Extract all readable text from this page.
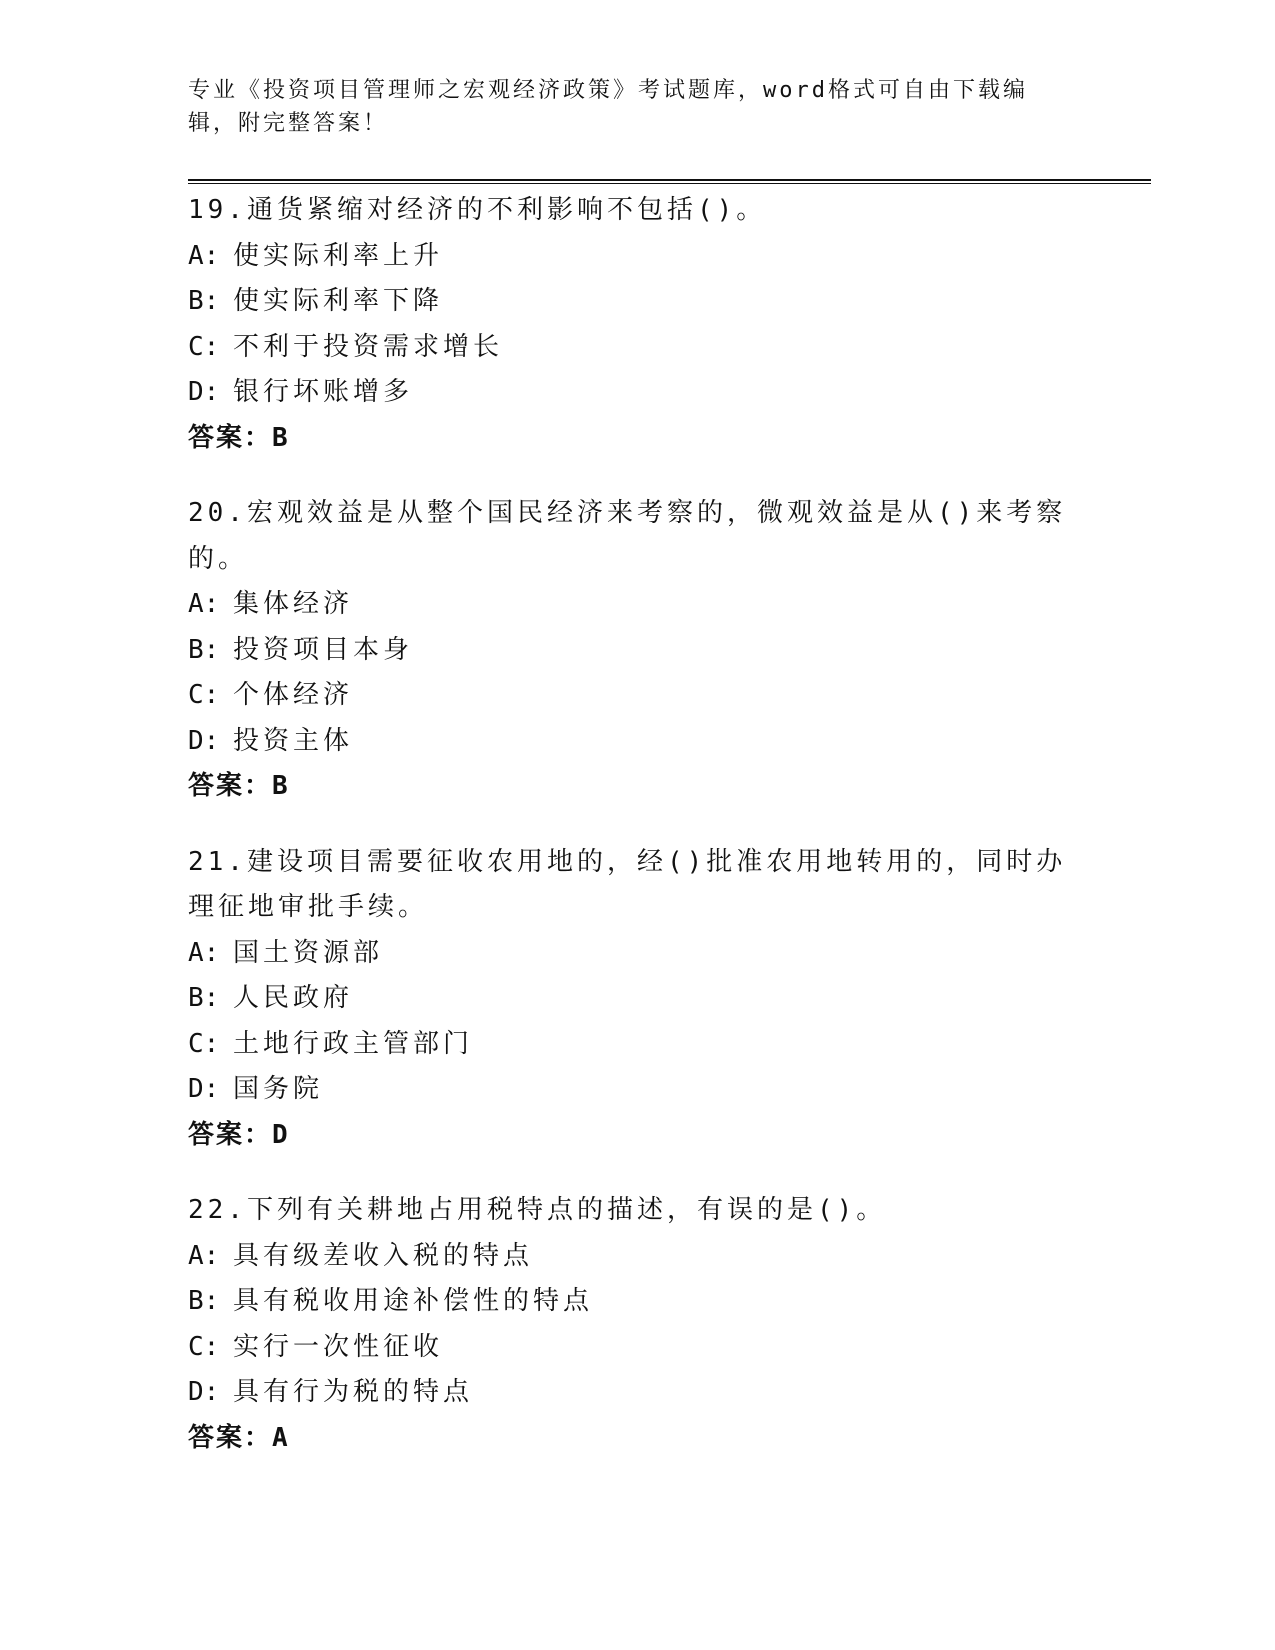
专业《投资项目管理师之宏观经济政策》考试题库，word格式可自由下载编辑，附完整答案！
19.通货紧缩对经济的不利影响不包括()。
A: 使实际利率上升
B: 使实际利率下降
C: 不利于投资需求增长
D: 银行坏账增多
答案：B
20.宏观效益是从整个国民经济来考察的，微观效益是从()来考察的。
A: 集体经济
B: 投资项目本身
C: 个体经济
D: 投资主体
答案：B
21.建设项目需要征收农用地的，经()批准农用地转用的，同时办理征地审批手续。
A: 国土资源部
B: 人民政府
C: 土地行政主管部门
D: 国务院
答案：D
22.下列有关耕地占用税特点的描述，有误的是()。
A: 具有级差收入税的特点
B: 具有税收用途补偿性的特点
C: 实行一次性征收
D: 具有行为税的特点
答案：A
